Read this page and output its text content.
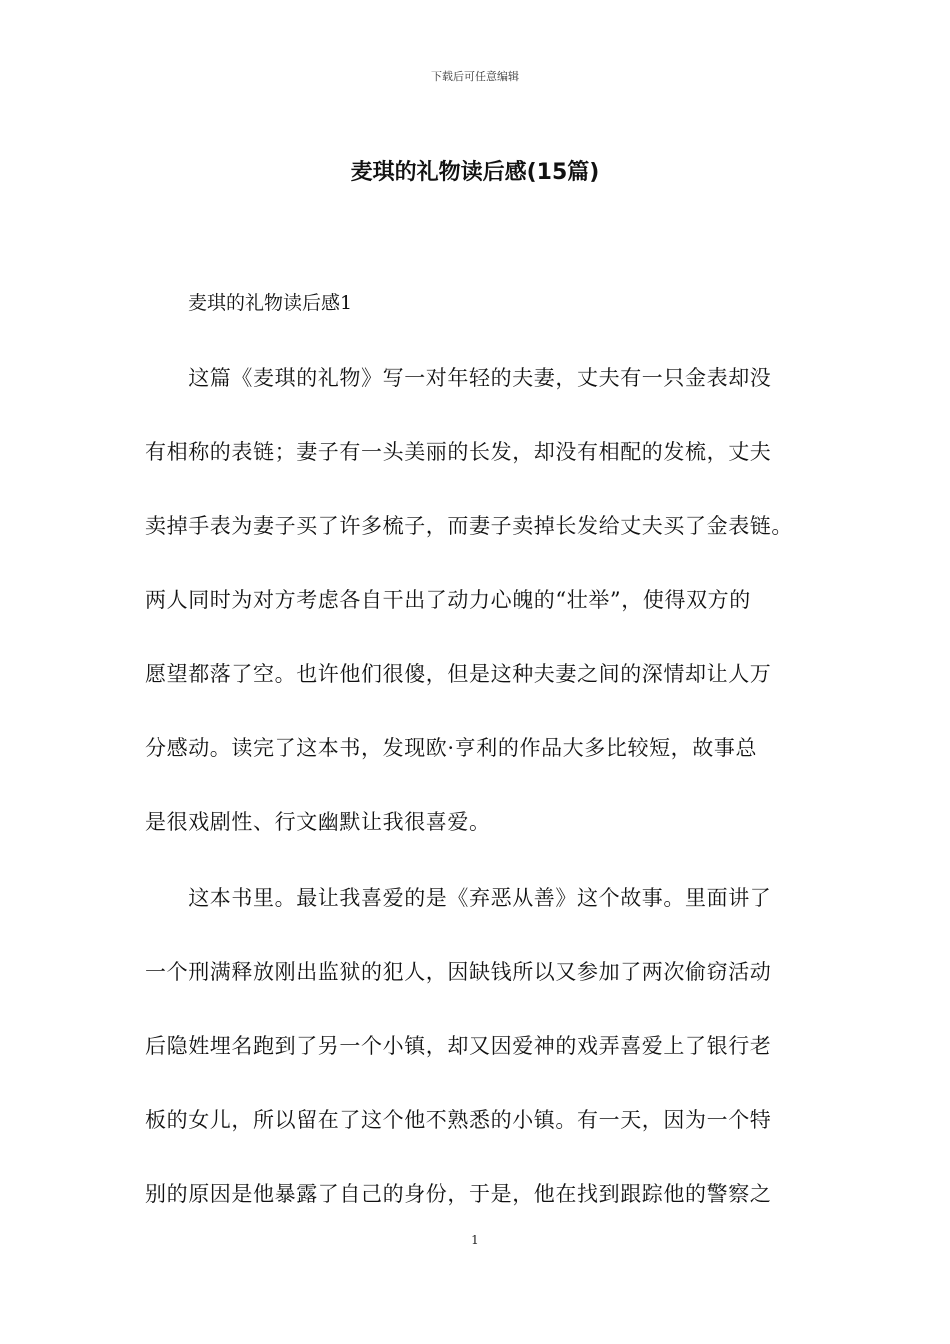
下载后可任意编辑
麦琪的礼物读后感(15篇)
麦琪的礼物读后感1
　　这篇《麦琪的礼物》写一对年轻的夫妻，丈夫有一只金表却没
有相称的表链；妻子有一头美丽的长发，却没有相配的发梳，丈夫
卖掉手表为妻子买了许多梳子，而妻子卖掉长发给丈夫买了金表链。
两人同时为对方考虑各自干出了动力心魄的“壮举”，使得双方的
愿望都落了空。也许他们很傻，但是这种夫妻之间的深情却让人万
分感动。读完了这本书，发现欧·亨利的作品大多比较短，故事总
是很戏剧性、行文幽默让我很喜爱。
　　这本书里。最让我喜爱的是《弃恶从善》这个故事。里面讲了
一个刑满释放刚出监狱的犯人，因缺钱所以又参加了两次偷窃活动
后隐姓埋名跑到了另一个小镇，却又因爱神的戏弄喜爱上了银行老
板的女儿，所以留在了这个他不熟悉的小镇。有一天，因为一个特
别的原因是他暴露了自己的身份，于是，他在找到跟踪他的警察之
1
